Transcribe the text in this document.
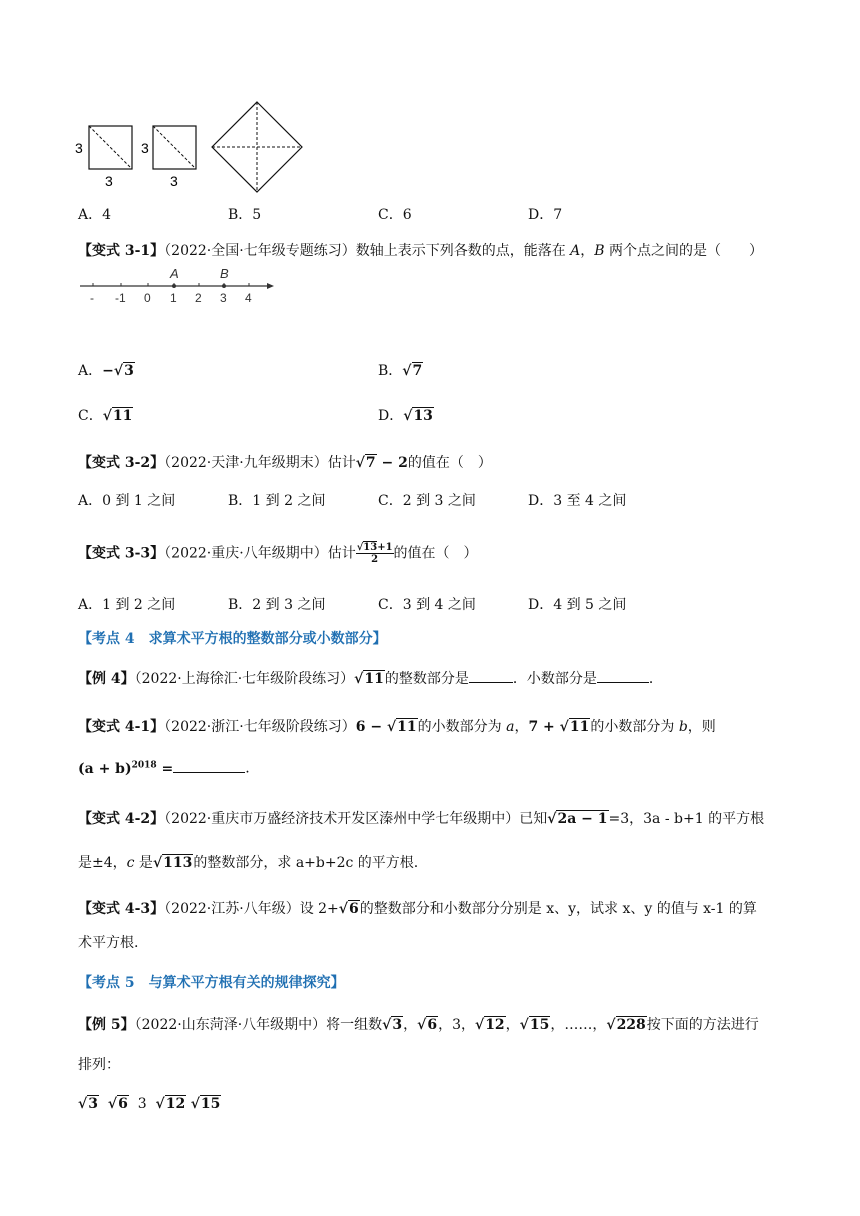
3
3
3
3
A．4	B．5	C．6	D．7
【变式 3-1】（2022·全国·七年级专题练习）数轴上表示下列各数的点，能落在 A，B 两个点之间的是（　　）
A	B
- -1 0 1 2 3 4
A．−√3	B．√7
C．√11	D．√13
【变式 3-2】（2022·天津·九年级期末）估计√7 − 2的值在（　）
A．0 到 1 之间	B．1 到 2 之间	C．2 到 3 之间	D．3 至 4 之间
【变式 3-3】（2022·重庆·八年级期中）估计 $\frac{√13+1}{2}$ 的值在（　）
A．1 到 2 之间	B．2 到 3 之间	C．3 到 4 之间	D．4 到 5 之间
【考点 4　求算术平方根的整数部分或小数部分】
【例 4】（2022·上海徐汇·七年级阶段练习）√11的整数部分是	．小数部分是	．
【变式 4-1】（2022·浙江·七年级阶段练习）6 − √11的小数部分为 a，7 + √11的小数部分为 b，则
$(a + b)^{2018}$ =	.
【变式 4-2】（2022·重庆市万盛经济技术开发区溱州中学七年级期中）已知√2a − 1=3，3a - b+1 的平方根
是±4，c 是√113的整数部分，求 a+b+2c 的平方根.
【变式 4-3】（2022·江苏·八年级）设 2+√6的整数部分和小数部分分别是 x、y，试求 x、y 的值与 x-1 的算
术平方根.
【考点 5　与算术平方根有关的规律探究】
【例 5】（2022·山东菏泽·八年级期中）将一组数√3，√6，3，√12，√15，……，√228按下面的方法进行
排列：
√3 √6 3 √12 √15
